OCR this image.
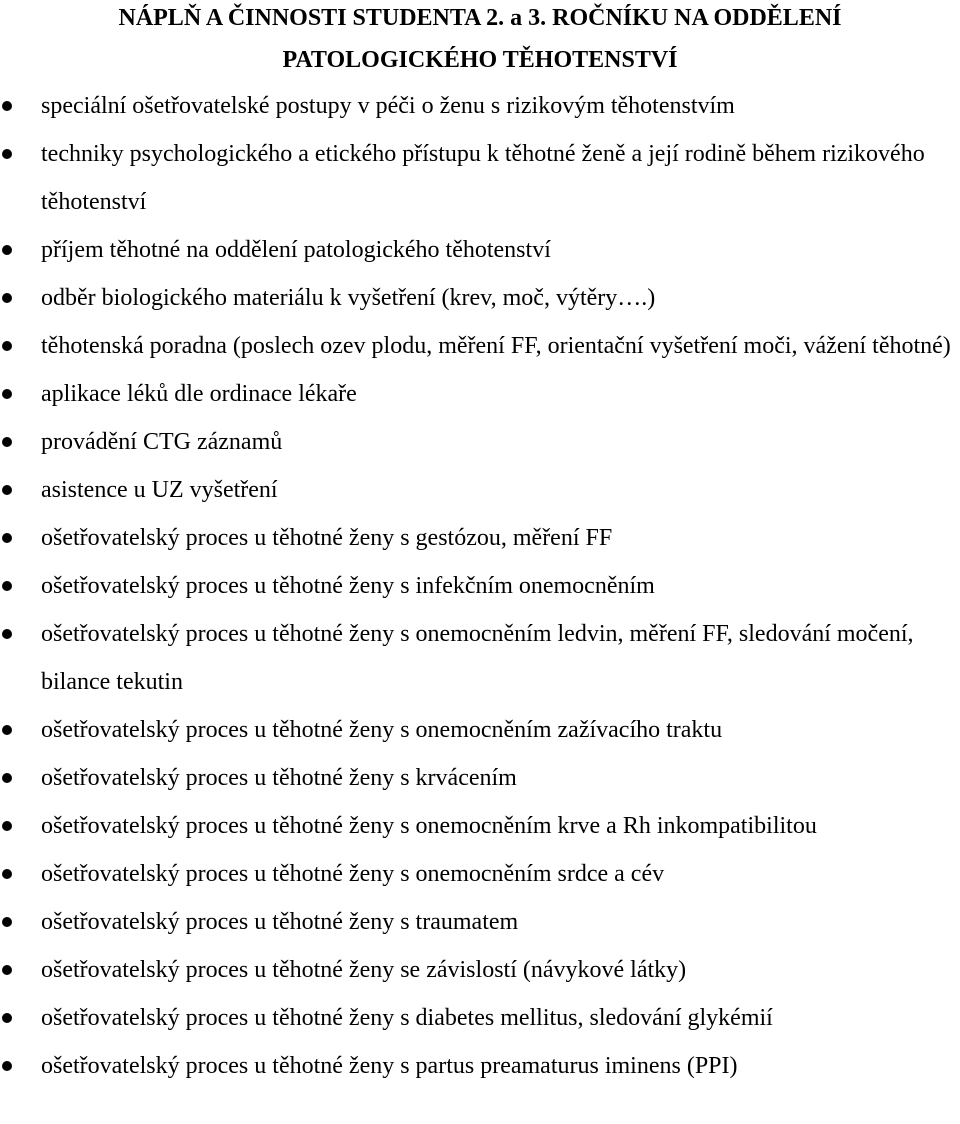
NÁPLŇ A ČINNOSTI STUDENTA 2. a 3. ROČNÍKU NA ODDĚLENÍ
PATOLOGICKÉHO TĚHOTENSTVÍ
speciální ošetřovatelské postupy v péči o ženu s rizikovým těhotenstvím
techniky psychologického a etického přístupu k těhotné ženě a její rodině během rizikového těhotenství
příjem těhotné na oddělení patologického těhotenství
odběr biologického materiálu k vyšetření (krev, moč, výtěry….)
těhotenská poradna (poslech ozev plodu, měření FF, orientační vyšetření moči, vážení těhotné)
aplikace léků dle ordinace lékaře
provádění CTG záznamů
asistence u UZ vyšetření
ošetřovatelský proces u těhotné ženy s gestózou, měření FF
ošetřovatelský proces u těhotné ženy s infekčním onemocněním
ošetřovatelský proces u těhotné ženy s onemocněním ledvin, měření FF, sledování močení, bilance tekutin
ošetřovatelský proces u těhotné ženy s onemocněním zažívacího traktu
ošetřovatelský proces u těhotné ženy s krvácením
ošetřovatelský proces u těhotné ženy s onemocněním krve a Rh inkompatibilitou
ošetřovatelský proces u těhotné ženy s onemocněním srdce a cév
ošetřovatelský proces u těhotné ženy s traumatem
ošetřovatelský proces u těhotné ženy se závislostí (návykové látky)
ošetřovatelský proces u těhotné ženy s diabetes mellitus, sledování glykémií
ošetřovatelský proces u těhotné ženy s partus preamaturus iminens (PPI)
